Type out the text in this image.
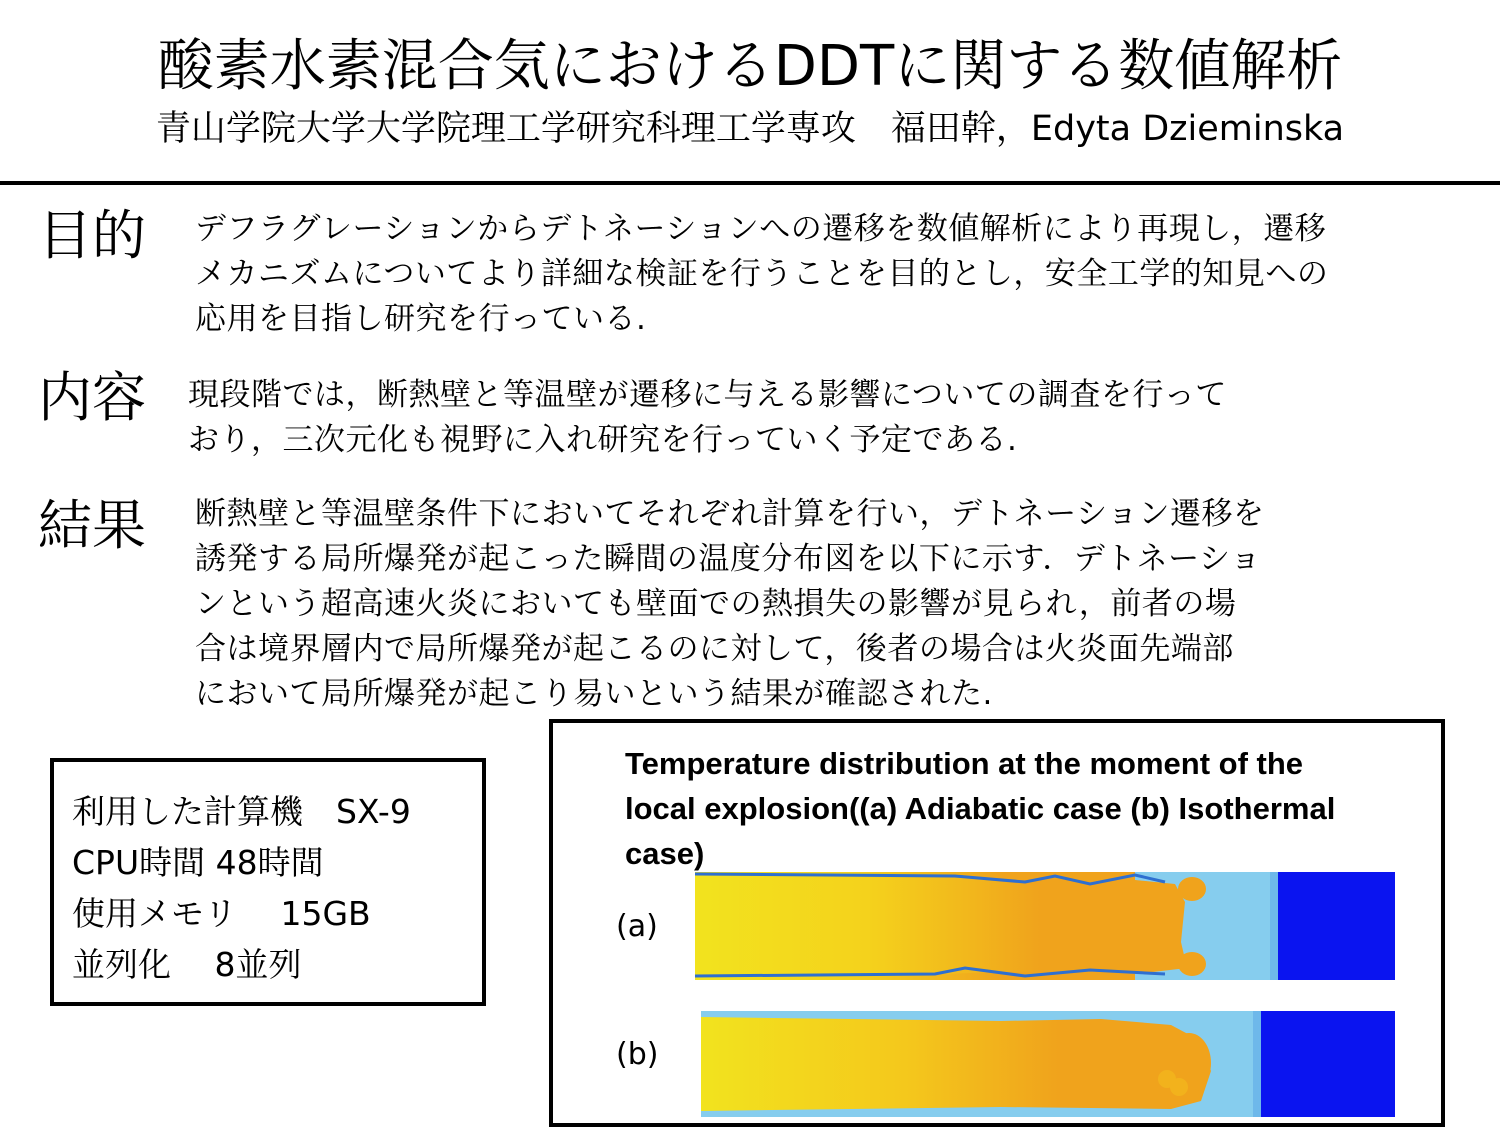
酸素水素混合気におけるDDTに関する数値解析
青山学院大学大学院理工学研究科理工学専攻　福田幹，Edyta Dzieminska
目的 デフラグレーションからデトネーションへの遷移を数値解析により再現し，遷移
メカニズムについてより詳細な検証を行うことを目的とし，安全工学的知見への
応用を目指し研究を行っている.
内容 現段階では，断熱壁と等温壁が遷移に与える影響についての調査を行って
おり，三次元化も視野に入れ研究を行っていく予定である.
結果 断熱壁と等温壁条件下においてそれぞれ計算を行い，デトネーション遷移を
誘発する局所爆発が起こった瞬間の温度分布図を以下に示す．デトネーショ
ンという超高速火炎においても壁面での熱損失の影響が見られ，前者の場
合は境界層内で局所爆発が起こるのに対して，後者の場合は火炎面先端部
において局所爆発が起こり易いという結果が確認された.
利用した計算機　SX-9
CPU時間 48時間
使用メモリ　 15GB
並列化　 8並列
Temperature distribution at the moment of the
local explosion((a) Adiabatic case (b) Isothermal
case)
(a)
(b)
